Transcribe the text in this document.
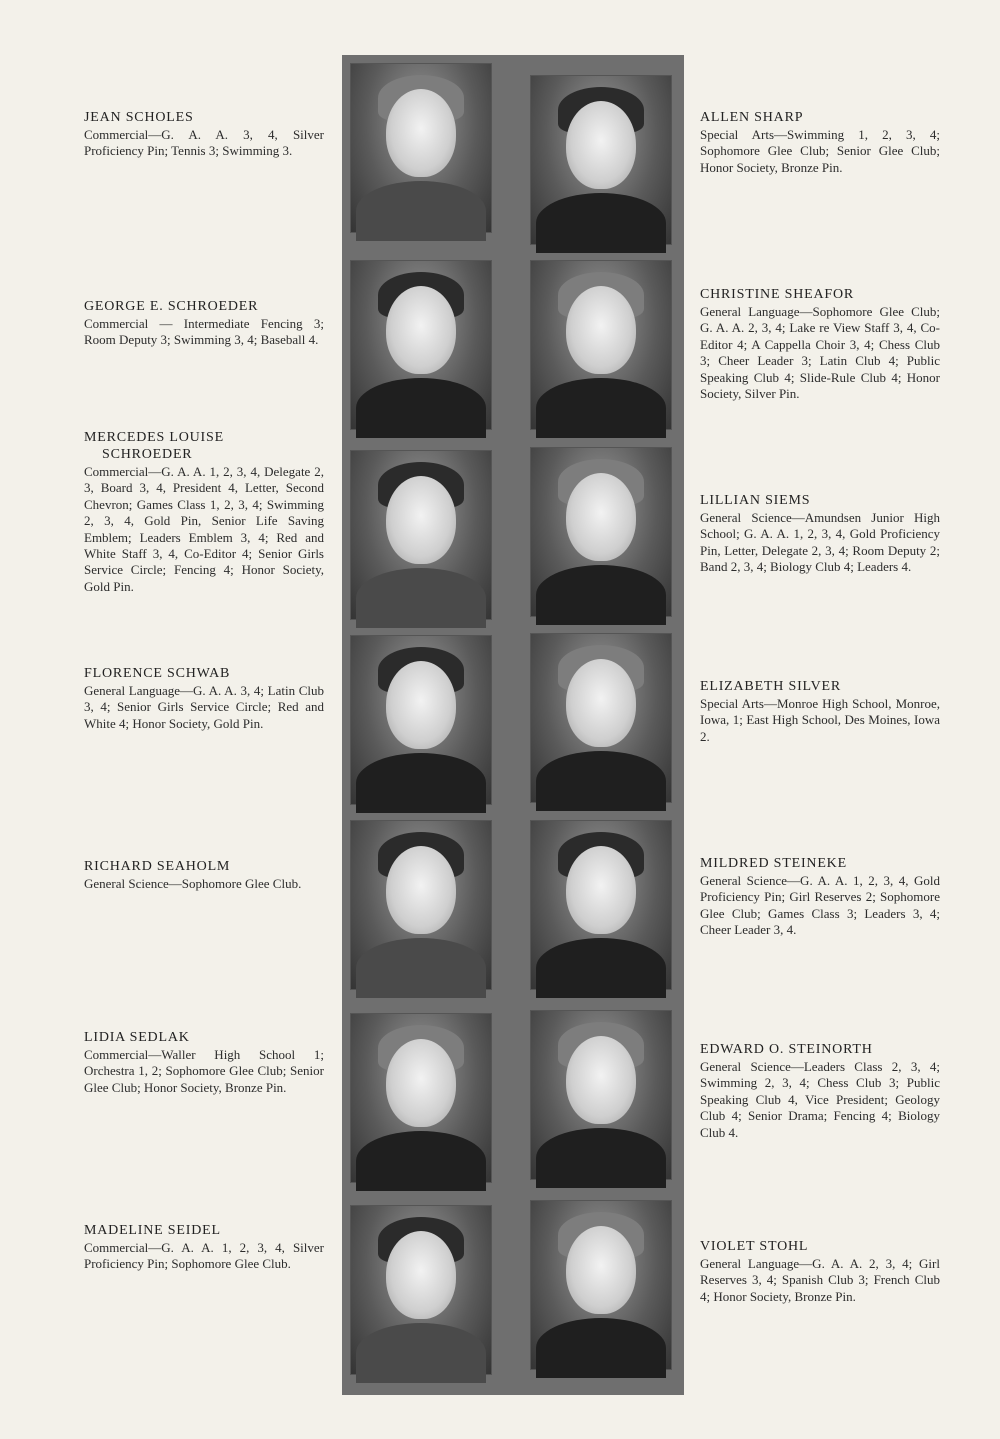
JEAN SCHOLES
Commercial—G. A. A. 3, 4, Silver Proficiency Pin; Tennis 3; Swimming 3.
GEORGE E. SCHROEDER
Commercial — Intermediate Fencing 3; Room Deputy 3; Swimming 3, 4; Baseball 4.
MERCEDES LOUISE
SCHROEDER
Commercial—G. A. A. 1, 2, 3, 4, Delegate 2, 3, Board 3, 4, President 4, Letter, Second Chevron; Games Class 1, 2, 3, 4; Swimming 2, 3, 4, Gold Pin, Senior Life Saving Emblem; Leaders Emblem 3, 4; Red and White Staff 3, 4, Co-Editor 4; Senior Girls Service Circle; Fencing 4; Honor Society, Gold Pin.
FLORENCE SCHWAB
General Language—G. A. A. 3, 4; Latin Club 3, 4; Senior Girls Service Circle; Red and White 4; Honor Society, Gold Pin.
RICHARD SEAHOLM
General Science—Sophomore Glee Club.
LIDIA SEDLAK
Commercial—Waller High School 1; Orchestra 1, 2; Sophomore Glee Club; Senior Glee Club; Honor Society, Bronze Pin.
MADELINE SEIDEL
Commercial—G. A. A. 1, 2, 3, 4, Silver Proficiency Pin; Sophomore Glee Club.
ALLEN SHARP
Special Arts—Swimming 1, 2, 3, 4; Sophomore Glee Club; Senior Glee Club; Honor Society, Bronze Pin.
CHRISTINE SHEAFOR
General Language—Sophomore Glee Club; G. A. A. 2, 3, 4; Lake re View Staff 3, 4, Co-Editor 4; A Cappella Choir 3, 4; Chess Club 3; Cheer Leader 3; Latin Club 4; Public Speaking Club 4; Slide-Rule Club 4; Honor Society, Silver Pin.
LILLIAN SIEMS
General Science—Amundsen Junior High School; G. A. A. 1, 2, 3, 4, Gold Proficiency Pin, Letter, Delegate 2, 3, 4; Room Deputy 2; Band 2, 3, 4; Biology Club 4; Leaders 4.
ELIZABETH SILVER
Special Arts—Monroe High School, Monroe, Iowa, 1; East High School, Des Moines, Iowa 2.
MILDRED STEINEKE
General Science—G. A. A. 1, 2, 3, 4, Gold Proficiency Pin; Girl Reserves 2; Sophomore Glee Club; Games Class 3; Leaders 3, 4; Cheer Leader 3, 4.
EDWARD O. STEINORTH
General Science—Leaders Class 2, 3, 4; Swimming 2, 3, 4; Chess Club 3; Public Speaking Club 4, Vice President; Geology Club 4; Senior Drama; Fencing 4; Biology Club 4.
VIOLET STOHL
General Language—G. A. A. 2, 3, 4; Girl Reserves 3, 4; Spanish Club 3; French Club 4; Honor Society, Bronze Pin.
